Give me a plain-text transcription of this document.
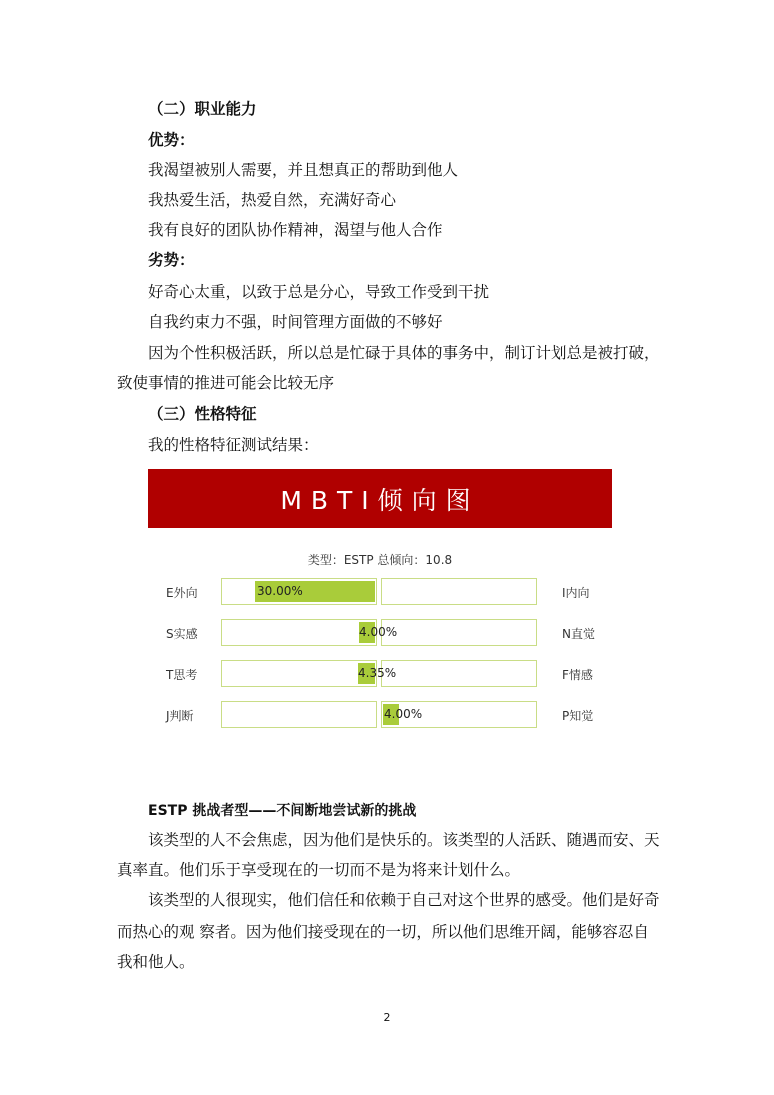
（二）职业能力
优势：
我渴望被别人需要，并且想真正的帮助到他人
我热爱生活，热爱自然，充满好奇心
我有良好的团队协作精神，渴望与他人合作
劣势：
好奇心太重，以致于总是分心，导致工作受到干扰
自我约束力不强，时间管理方面做的不够好
因为个性积极活跃，所以总是忙碌于具体的事务中，制订计划总是被打破，
致使事情的推进可能会比较无序
（三）性格特征
我的性格特征测试结果：
MBTI倾向图
类型：ESTP 总倾向：10.8
E外向	30.00%	I内向
S实感	4.00%	N直觉
T思考	4.35%	F情感
J判断	4.00%	P知觉
ESTP 挑战者型——不间断地尝试新的挑战
该类型的人不会焦虑，因为他们是快乐的。该类型的人活跃、随遇而安、天
真率直。他们乐于享受现在的一切而不是为将来计划什么。
该类型的人很现实，他们信任和依赖于自己对这个世界的感受。他们是好奇
而热心的观 察者。因为他们接受现在的一切，所以他们思维开阔，能够容忍自
我和他人。
2
